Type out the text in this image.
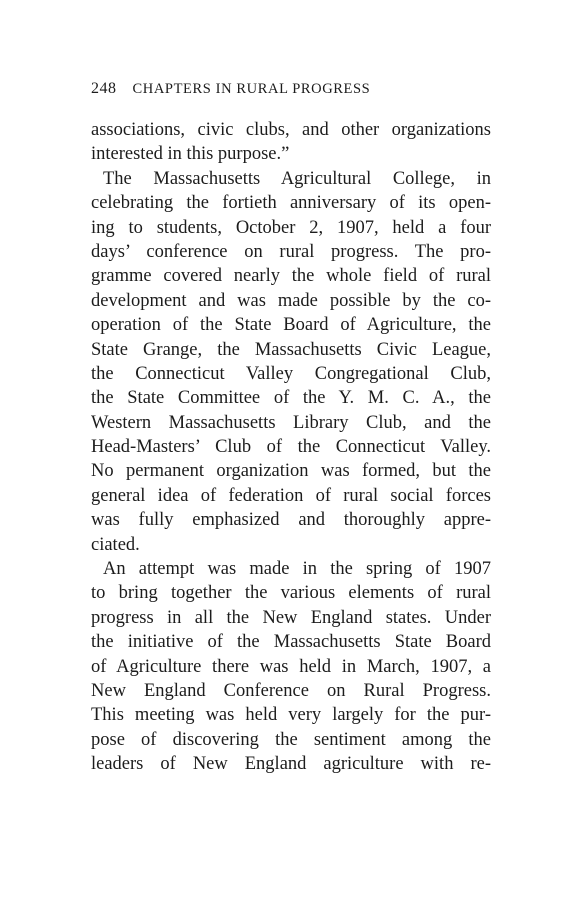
248 CHAPTERS IN RURAL PROGRESS
associations, civic clubs, and other organizations
interested in this purpose.”
The Massachusetts Agricultural College, in
celebrating the fortieth anniversary of its open-
ing to students, October 2, 1907, held a four
days’ conference on rural progress. The pro-
gramme covered nearly the whole field of rural
development and was made possible by the co-
operation of the State Board of Agriculture, the
State Grange, the Massachusetts Civic League,
the Connecticut Valley Congregational Club,
the State Committee of the Y. M. C. A., the
Western Massachusetts Library Club, and the
Head-Masters’ Club of the Connecticut Valley.
No permanent organization was formed, but the
general idea of federation of rural social forces
was fully emphasized and thoroughly appre-
ciated.
An attempt was made in the spring of 1907
to bring together the various elements of rural
progress in all the New England states. Under
the initiative of the Massachusetts State Board
of Agriculture there was held in March, 1907, a
New England Conference on Rural Progress.
This meeting was held very largely for the pur-
pose of discovering the sentiment among the
leaders of New England agriculture with re-
